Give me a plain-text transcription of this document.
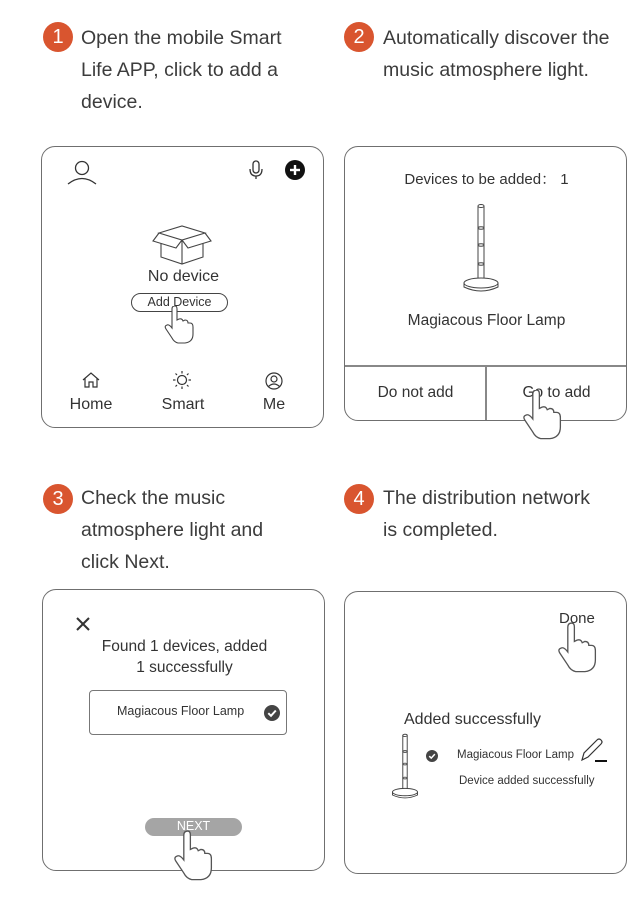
1 Open the mobile Smart
Life APP, click to add a
device.
2 Automatically discover the
music atmosphere light.
No device
Add Device
Home	Smart	Me
Devices to be added： 1
Magiacous Floor Lamp
Do not add	Go to add
3 Check the music
atmosphere light and
click Next.
4 The distribution network
is completed.
Found 1 devices, added
1 successfully
Magiacous Floor Lamp
NEXT
Done
Added successfully
Magiacous Floor Lamp
Device added successfully
